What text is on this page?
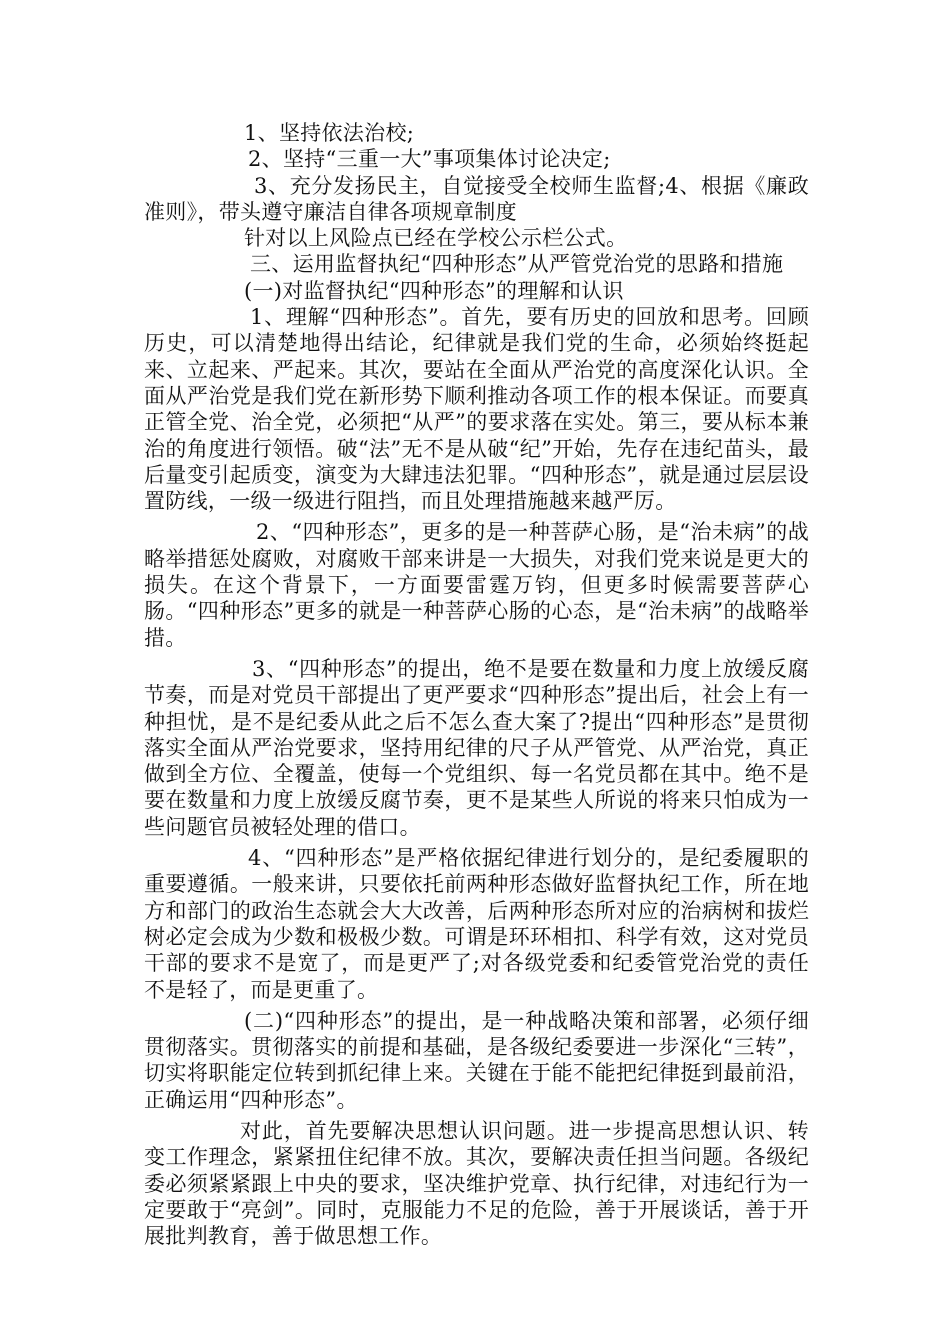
1、坚持依法治校;

2、坚持“三重一大”事项集体讨论决定;

3、充分发扬民主，自觉接受全校师生监督;4、根据《廉政准则》，带头遵守廉洁自律各项规章制度

针对以上风险点已经在学校公示栏公式。

三、运用监督执纪“四种形态”从严管党治党的思路和措施

(一)对监督执纪“四种形态”的理解和认识

1、理解“四种形态”。首先，要有历史的回放和思考。回顾历史，可以清楚地得出结论，纪律就是我们党的生命，必须始终挺起来、立起来、严起来。其次，要站在全面从严治党的高度深化认识。全面从严治党是我们党在新形势下顺利推动各项工作的根本保证。而要真正管全党、治全党，必须把“从严”的要求落在实处。第三，要从标本兼治的角度进行领悟。破“法”无不是从破“纪”开始，先存在违纪苗头，最后量变引起质变，演变为大肆违法犯罪。“四种形态”，就是通过层层设置防线，一级一级进行阻挡，而且处理措施越来越严厉。

2、“四种形态”，更多的是一种菩萨心肠，是“治未病”的战略举措惩处腐败，对腐败干部来讲是一大损失，对我们党来说是更大的损失。在这个背景下，一方面要雷霆万钧，但更多时候需要菩萨心肠。“四种形态”更多的就是一种菩萨心肠的心态，是“治未病”的战略举措。

3、“四种形态”的提出，绝不是要在数量和力度上放缓反腐节奏，而是对党员干部提出了更严要求“四种形态”提出后，社会上有一种担忧，是不是纪委从此之后不怎么查大案了?提出“四种形态”是贯彻落实全面从严治党要求，坚持用纪律的尺子从严管党、从严治党，真正做到全方位、全覆盖，使每一个党组织、每一名党员都在其中。绝不是要在数量和力度上放缓反腐节奏，更不是某些人所说的将来只怕成为一些问题官员被轻处理的借口。

4、“四种形态”是严格依据纪律进行划分的，是纪委履职的重要遵循。一般来讲，只要依托前两种形态做好监督执纪工作，所在地方和部门的政治生态就会大大改善，后两种形态所对应的治病树和拔烂树必定会成为少数和极极少数。可谓是环环相扣、科学有效，这对党员干部的要求不是宽了，而是更严了;对各级党委和纪委管党治党的责任不是轻了，而是更重了。

(二)“四种形态”的提出，是一种战略决策和部署，必须仔细贯彻落实。贯彻落实的前提和基础，是各级纪委要进一步深化“三转”，切实将职能定位转到抓纪律上来。关键在于能不能把纪律挺到最前沿，正确运用“四种形态”。

对此，首先要解决思想认识问题。进一步提高思想认识、转变工作理念，紧紧扭住纪律不放。其次，要解决责任担当问题。各级纪委必须紧紧跟上中央的要求，坚决维护党章、执行纪律，对违纪行为一定要敢于“亮剑”。同时，克服能力不足的危险，善于开展谈话，善于开展批判教育，善于做思想工作。
